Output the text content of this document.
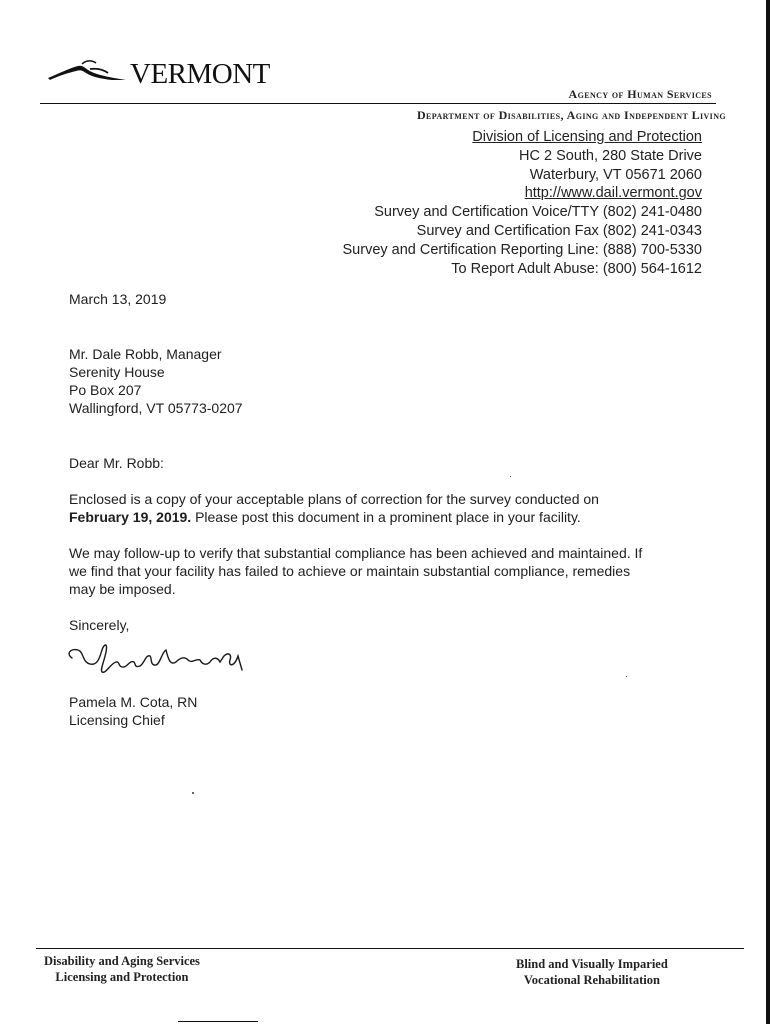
VERMONT
Agency of Human Services
Department of Disabilities, Aging and Independent Living
Division of Licensing and Protection
HC 2 South, 280 State Drive
Waterbury, VT 05671 2060
http://www.dail.vermont.gov
Survey and Certification Voice/TTY (802) 241-0480
Survey and Certification Fax (802) 241-0343
Survey and Certification Reporting Line: (888) 700-5330
To Report Adult Abuse: (800) 564-1612
March 13, 2019
Mr. Dale Robb, Manager
Serenity House
Po Box 207
Wallingford, VT 05773-0207
Dear Mr. Robb:
Enclosed is a copy of your acceptable plans of correction for the survey conducted on
February 19, 2019. Please post this document in a prominent place in your facility.
We may follow-up to verify that substantial compliance has been achieved and maintained. If
we find that your facility has failed to achieve or maintain substantial compliance, remedies
may be imposed.
Sincerely,
Pamela M. Cota, RN
Licensing Chief
Disability and Aging Services
Licensing and Protection
Blind and Visually Imparied
Vocational Rehabilitation
